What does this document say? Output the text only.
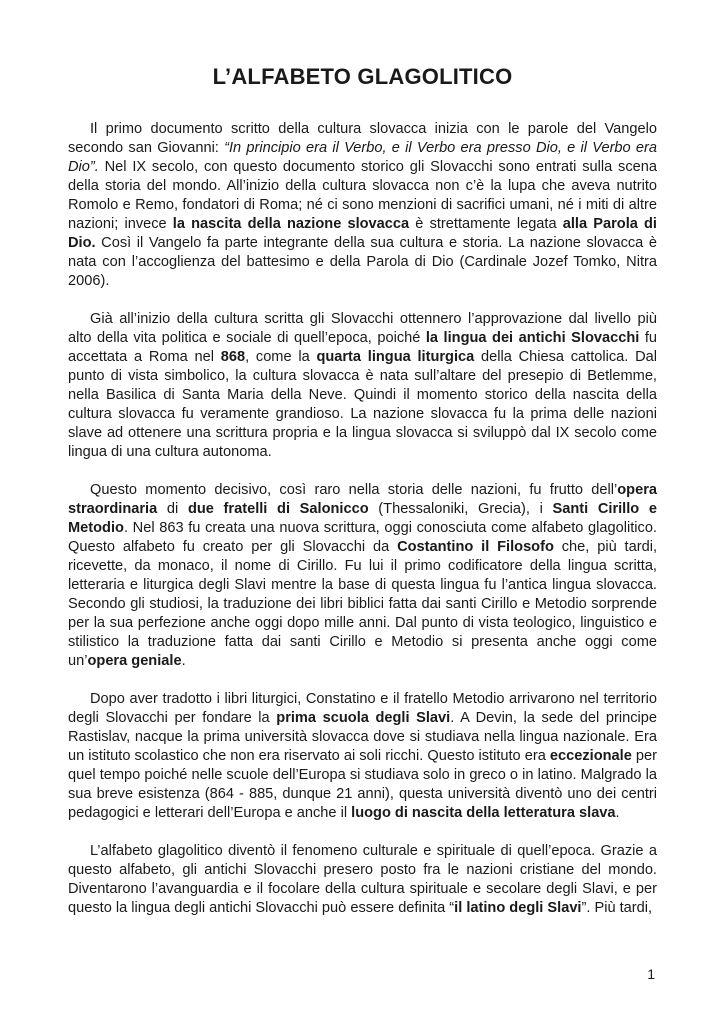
L’ALFABETO GLAGOLITICO

Il primo documento scritto della cultura slovacca inizia con le parole del Vangelo secondo san Giovanni: “In principio era il Verbo, e il Verbo era presso Dio, e il Verbo era Dio”. Nel IX secolo, con questo documento storico gli Slovacchi sono entrati sulla scena della storia del mondo. All’inizio della cultura slovacca non c’è la lupa che aveva nutrito Romolo e Remo, fondatori di Roma; né ci sono menzioni di sacrifici umani, né i miti di altre nazioni; invece la nascita della nazione slovacca è strettamente legata alla Parola di Dio. Così il Vangelo fa parte integrante della sua cultura e storia. La nazione slovacca è nata con l’accoglienza del battesimo e della Parola di Dio (Cardinale Jozef Tomko, Nitra 2006).

Già all’inizio della cultura scritta gli Slovacchi ottennero l’approvazione dal livello più alto della vita politica e sociale di quell’epoca, poiché la lingua dei antichi Slovacchi fu accettata a Roma nel 868, come la quarta lingua liturgica della Chiesa cattolica. Dal punto di vista simbolico, la cultura slovacca è nata sull’altare del presepio di Betlemme, nella Basilica di Santa Maria della Neve. Quindi il momento storico della nascita della cultura slovacca fu veramente grandioso. La nazione slovacca fu la prima delle nazioni slave ad ottenere una scrittura propria e la lingua slovacca si sviluppò dal IX secolo come lingua di una cultura autonoma.

Questo momento decisivo, così raro nella storia delle nazioni, fu frutto dell’opera straordinaria di due fratelli di Salonicco (Thessaloniki, Grecia), i Santi Cirillo e Metodio. Nel 863 fu creata una nuova scrittura, oggi conosciuta come alfabeto glagolitico. Questo alfabeto fu creato per gli Slovacchi da Costantino il Filosofo che, più tardi, ricevette, da monaco, il nome di Cirillo. Fu lui il primo codificatore della lingua scritta, letteraria e liturgica degli Slavi mentre la base di questa lingua fu l’antica lingua slovacca. Secondo gli studiosi, la traduzione dei libri biblici fatta dai santi Cirillo e Metodio sorprende per la sua perfezione anche oggi dopo mille anni. Dal punto di vista teologico, linguistico e stilistico la traduzione fatta dai santi Cirillo e Metodio si presenta anche oggi come un’opera geniale.

Dopo aver tradotto i libri liturgici, Constatino e il fratello Metodio arrivarono nel territorio degli Slovacchi per fondare la prima scuola degli Slavi. A Devin, la sede del principe Rastislav, nacque la prima università slovacca dove si studiava nella lingua nazionale. Era un istituto scolastico che non era riservato ai soli ricchi. Questo istituto era eccezionale per quel tempo poiché nelle scuole dell’Europa si studiava solo in greco o in latino. Malgrado la sua breve esistenza (864 - 885, dunque 21 anni), questa università diventò uno dei centri pedagogici e letterari dell’Europa e anche il luogo di nascita della letteratura slava.

L’alfabeto glagolitico diventò il fenomeno culturale e spirituale di quell’epoca. Grazie a questo alfabeto, gli antichi Slovacchi presero posto fra le nazioni cristiane del mondo. Diventarono l’avanguardia e il focolare della cultura spirituale e secolare degli Slavi, e per questo la lingua degli antichi Slovacchi può essere definita “il latino degli Slavi”. Più tardi,

1
